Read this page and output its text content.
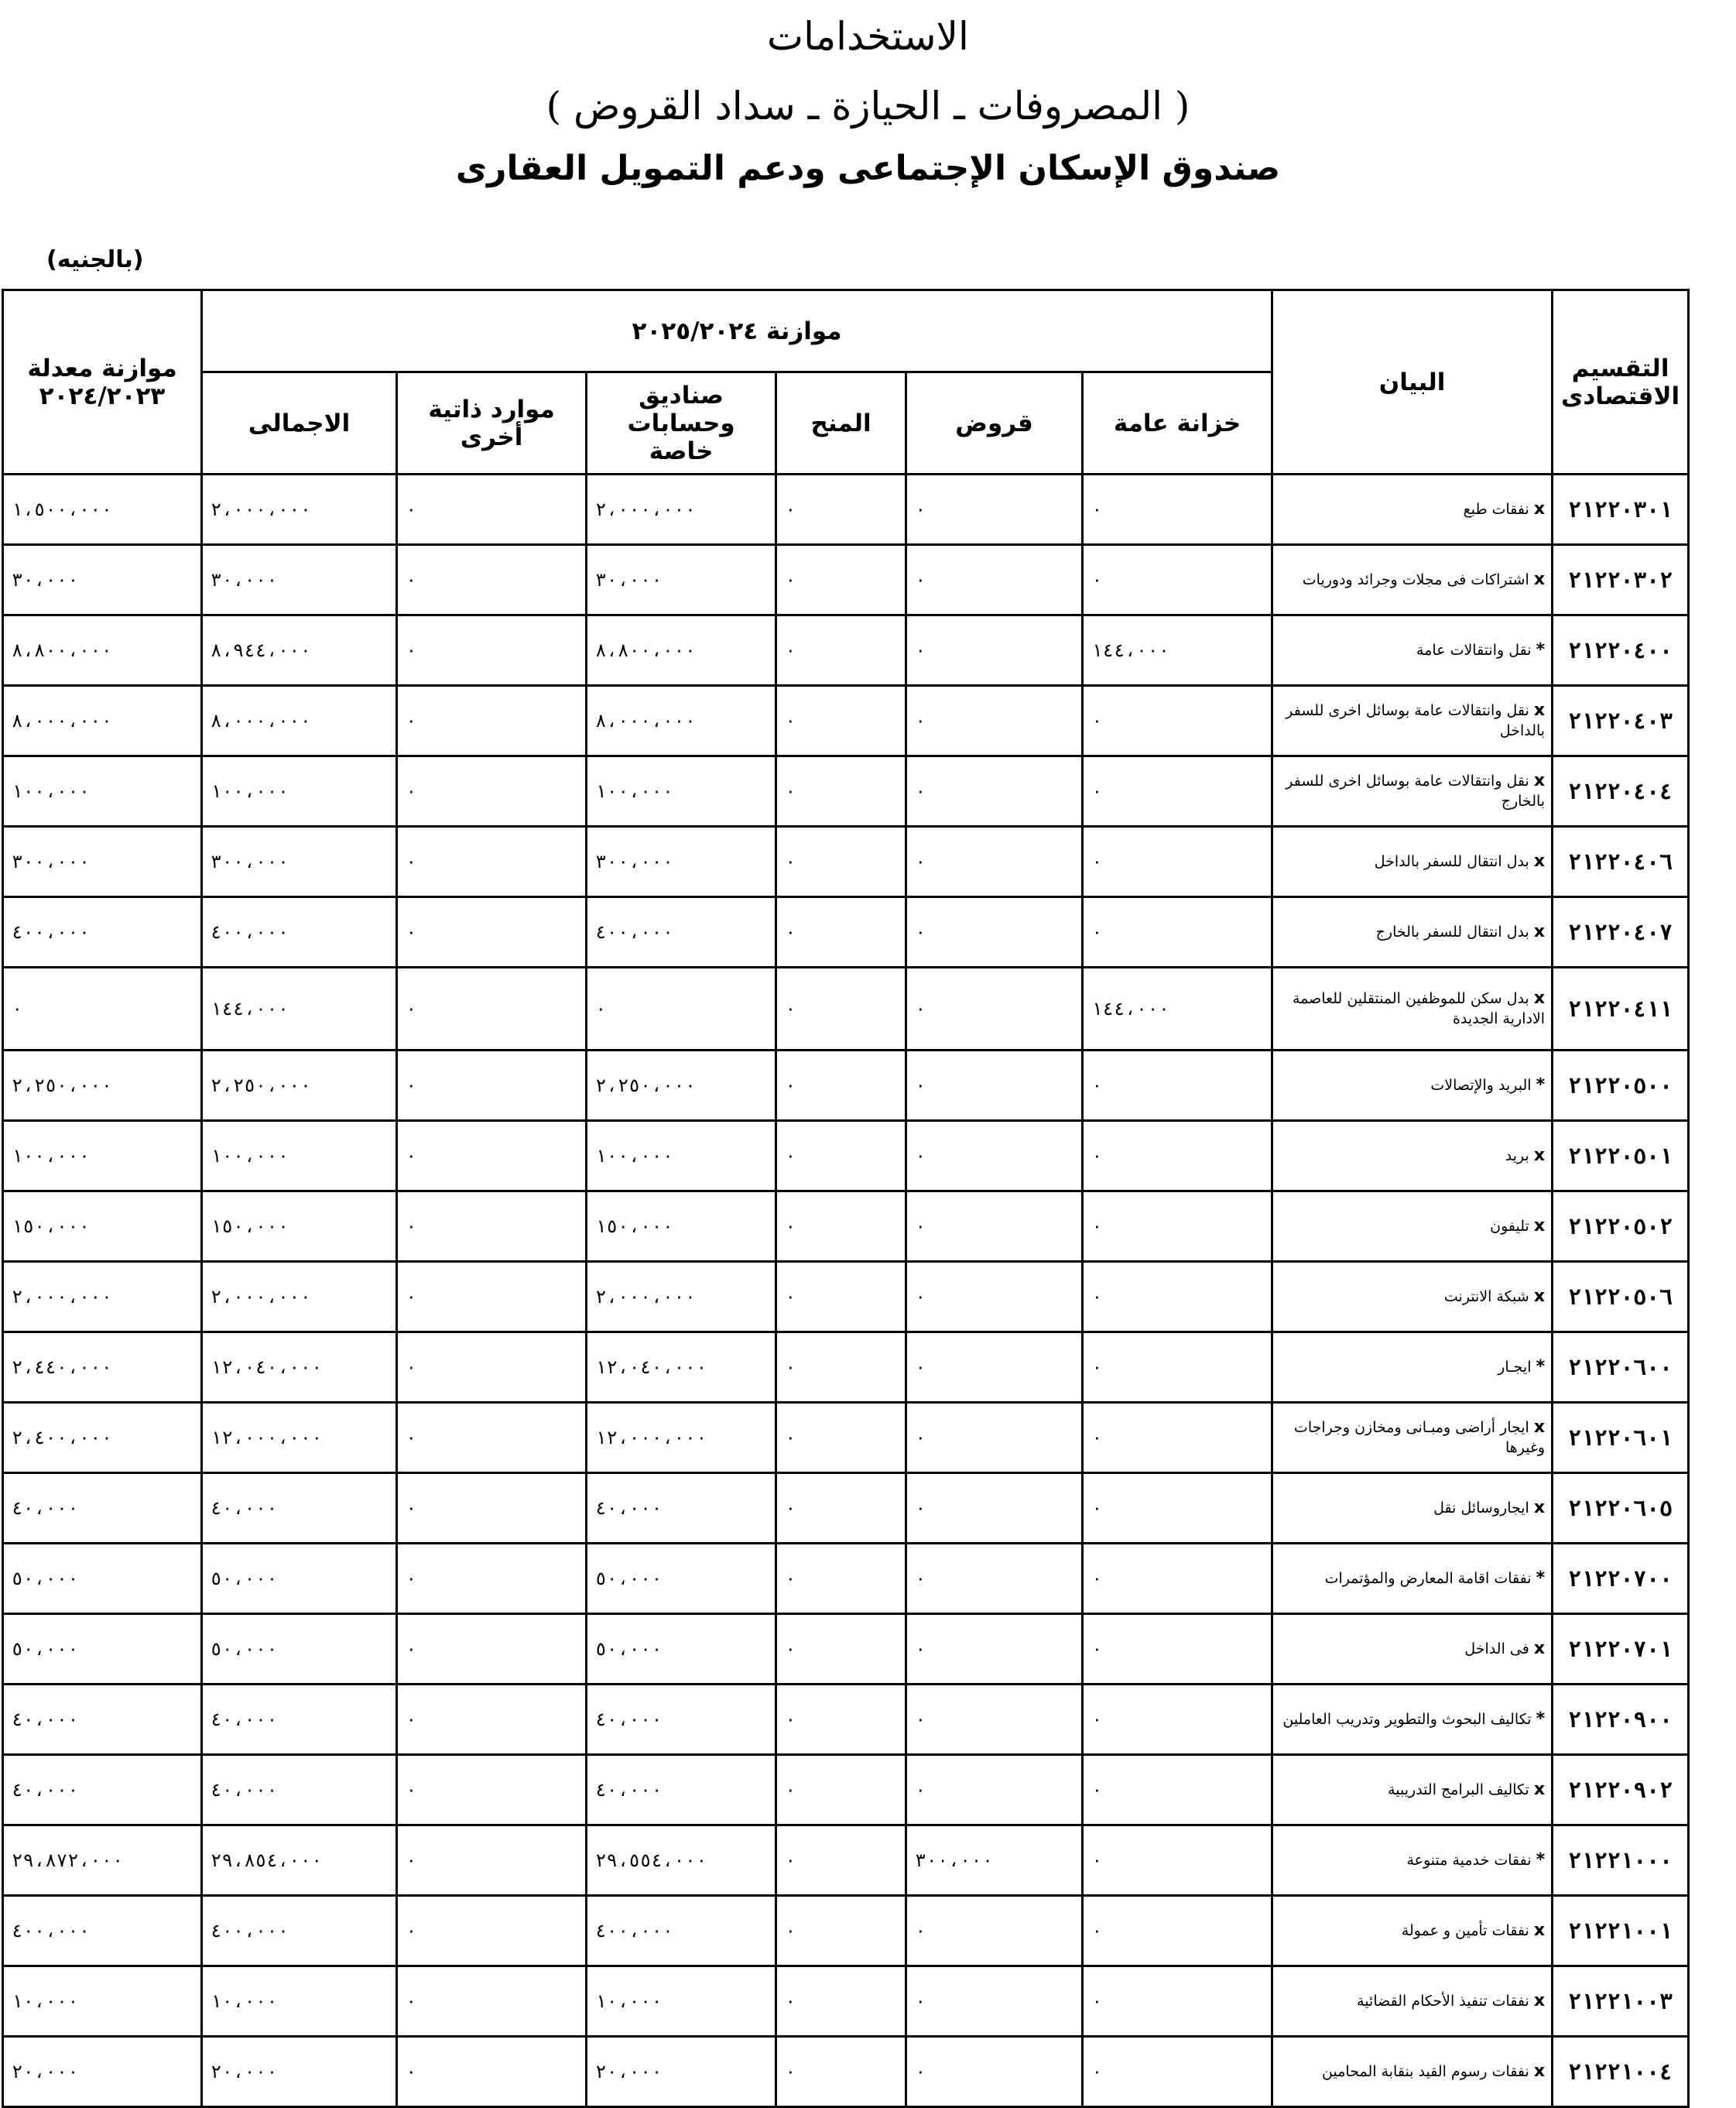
الاستخدامات
( المصروفات ـ الحيازة ـ سداد القروض )
صندوق الإسكان الإجتماعى ودعم التمويل العقارى
(بالجنيه)
التقسيم الاقتصادى	البيان	موازنة ٢٠٢٥/٢٠٢٤						موازنة معدلة ٢٠٢٤/٢٠٢٣
		خزانة عامة	قروض	المنح	صناديق وحسابات خاصة	موارد ذاتية أخرى	الاجمالى	
٢١٢٢٠٣٠١	x نفقات طبع	٠	٠	٠	٢،٠٠٠،٠٠٠	٠	٢،٠٠٠،٠٠٠	١،٥٠٠،٠٠٠
٢١٢٢٠٣٠٢	x اشتراكات فى مجلات وجرائد ودوريات	٠	٠	٠	٣٠،٠٠٠	٠	٣٠،٠٠٠	٣٠،٠٠٠
٢١٢٢٠٤٠٠	* نقل وانتقالات عامة	١٤٤،٠٠٠	٠	٠	٨،٨٠٠،٠٠٠	٠	٨،٩٤٤،٠٠٠	٨،٨٠٠،٠٠٠
٢١٢٢٠٤٠٣	x نقل وانتقالات عامة بوسائل اخرى للسفر بالداخل	٠	٠	٠	٨،٠٠٠،٠٠٠	٠	٨،٠٠٠،٠٠٠	٨،٠٠٠،٠٠٠
٢١٢٢٠٤٠٤	x نقل وانتقالات عامة بوسائل اخرى للسفر بالخارج	٠	٠	٠	١٠٠،٠٠٠	٠	١٠٠،٠٠٠	١٠٠،٠٠٠
٢١٢٢٠٤٠٦	x بدل انتقال للسفر بالداخل	٠	٠	٠	٣٠٠،٠٠٠	٠	٣٠٠،٠٠٠	٣٠٠،٠٠٠
٢١٢٢٠٤٠٧	x بدل انتقال للسفر بالخارج	٠	٠	٠	٤٠٠،٠٠٠	٠	٤٠٠،٠٠٠	٤٠٠،٠٠٠
٢١٢٢٠٤١١	x بدل سكن للموظفين المنتقلين للعاصمة الادارية الجديدة	١٤٤،٠٠٠	٠	٠	٠	٠	١٤٤،٠٠٠	٠
٢١٢٢٠٥٠٠	* البريد والإتصالات	٠	٠	٠	٢،٢٥٠،٠٠٠	٠	٢،٢٥٠،٠٠٠	٢،٢٥٠،٠٠٠
٢١٢٢٠٥٠١	x بريد	٠	٠	٠	١٠٠،٠٠٠	٠	١٠٠،٠٠٠	١٠٠،٠٠٠
٢١٢٢٠٥٠٢	x تليفون	٠	٠	٠	١٥٠،٠٠٠	٠	١٥٠،٠٠٠	١٥٠،٠٠٠
٢١٢٢٠٥٠٦	x شبكة الانترنت	٠	٠	٠	٢،٠٠٠،٠٠٠	٠	٢،٠٠٠،٠٠٠	٢،٠٠٠،٠٠٠
٢١٢٢٠٦٠٠	* ايجـار	٠	٠	٠	١٢،٠٤٠،٠٠٠	٠	١٢،٠٤٠،٠٠٠	٢،٤٤٠،٠٠٠
٢١٢٢٠٦٠١	x ايجار أراضى ومبـانى ومخازن وجراجات وغيرها	٠	٠	٠	١٢،٠٠٠،٠٠٠	٠	١٢،٠٠٠،٠٠٠	٢،٤٠٠،٠٠٠
٢١٢٢٠٦٠٥	x ايجاروسائل نقل	٠	٠	٠	٤٠،٠٠٠	٠	٤٠،٠٠٠	٤٠،٠٠٠
٢١٢٢٠٧٠٠	* نفقات اقامة المعارض والمؤتمرات	٠	٠	٠	٥٠،٠٠٠	٠	٥٠،٠٠٠	٥٠،٠٠٠
٢١٢٢٠٧٠١	x فى الداخل	٠	٠	٠	٥٠،٠٠٠	٠	٥٠،٠٠٠	٥٠،٠٠٠
٢١٢٢٠٩٠٠	* تكاليف البحوث والتطوير وتدريب العاملين	٠	٠	٠	٤٠،٠٠٠	٠	٤٠،٠٠٠	٤٠،٠٠٠
٢١٢٢٠٩٠٢	x تكاليف البرامج التدريبية	٠	٠	٠	٤٠،٠٠٠	٠	٤٠،٠٠٠	٤٠،٠٠٠
٢١٢٢١٠٠٠	* نفقات خدمية متنوعة	٠	٣٠٠،٠٠٠	٠	٢٩،٥٥٤،٠٠٠	٠	٢٩،٨٥٤،٠٠٠	٢٩،٨٧٢،٠٠٠
٢١٢٢١٠٠١	x نفقات تأمين و عمولة	٠	٠	٠	٤٠٠،٠٠٠	٠	٤٠٠،٠٠٠	٤٠٠،٠٠٠
٢١٢٢١٠٠٣	x نفقات تنفيذ الأحكام القضائية	٠	٠	٠	١٠،٠٠٠	٠	١٠،٠٠٠	١٠،٠٠٠
٢١٢٢١٠٠٤	x نفقات رسوم القيد بنقابة المحامين	٠	٠	٠	٢٠،٠٠٠	٠	٢٠،٠٠٠	٢٠،٠٠٠
